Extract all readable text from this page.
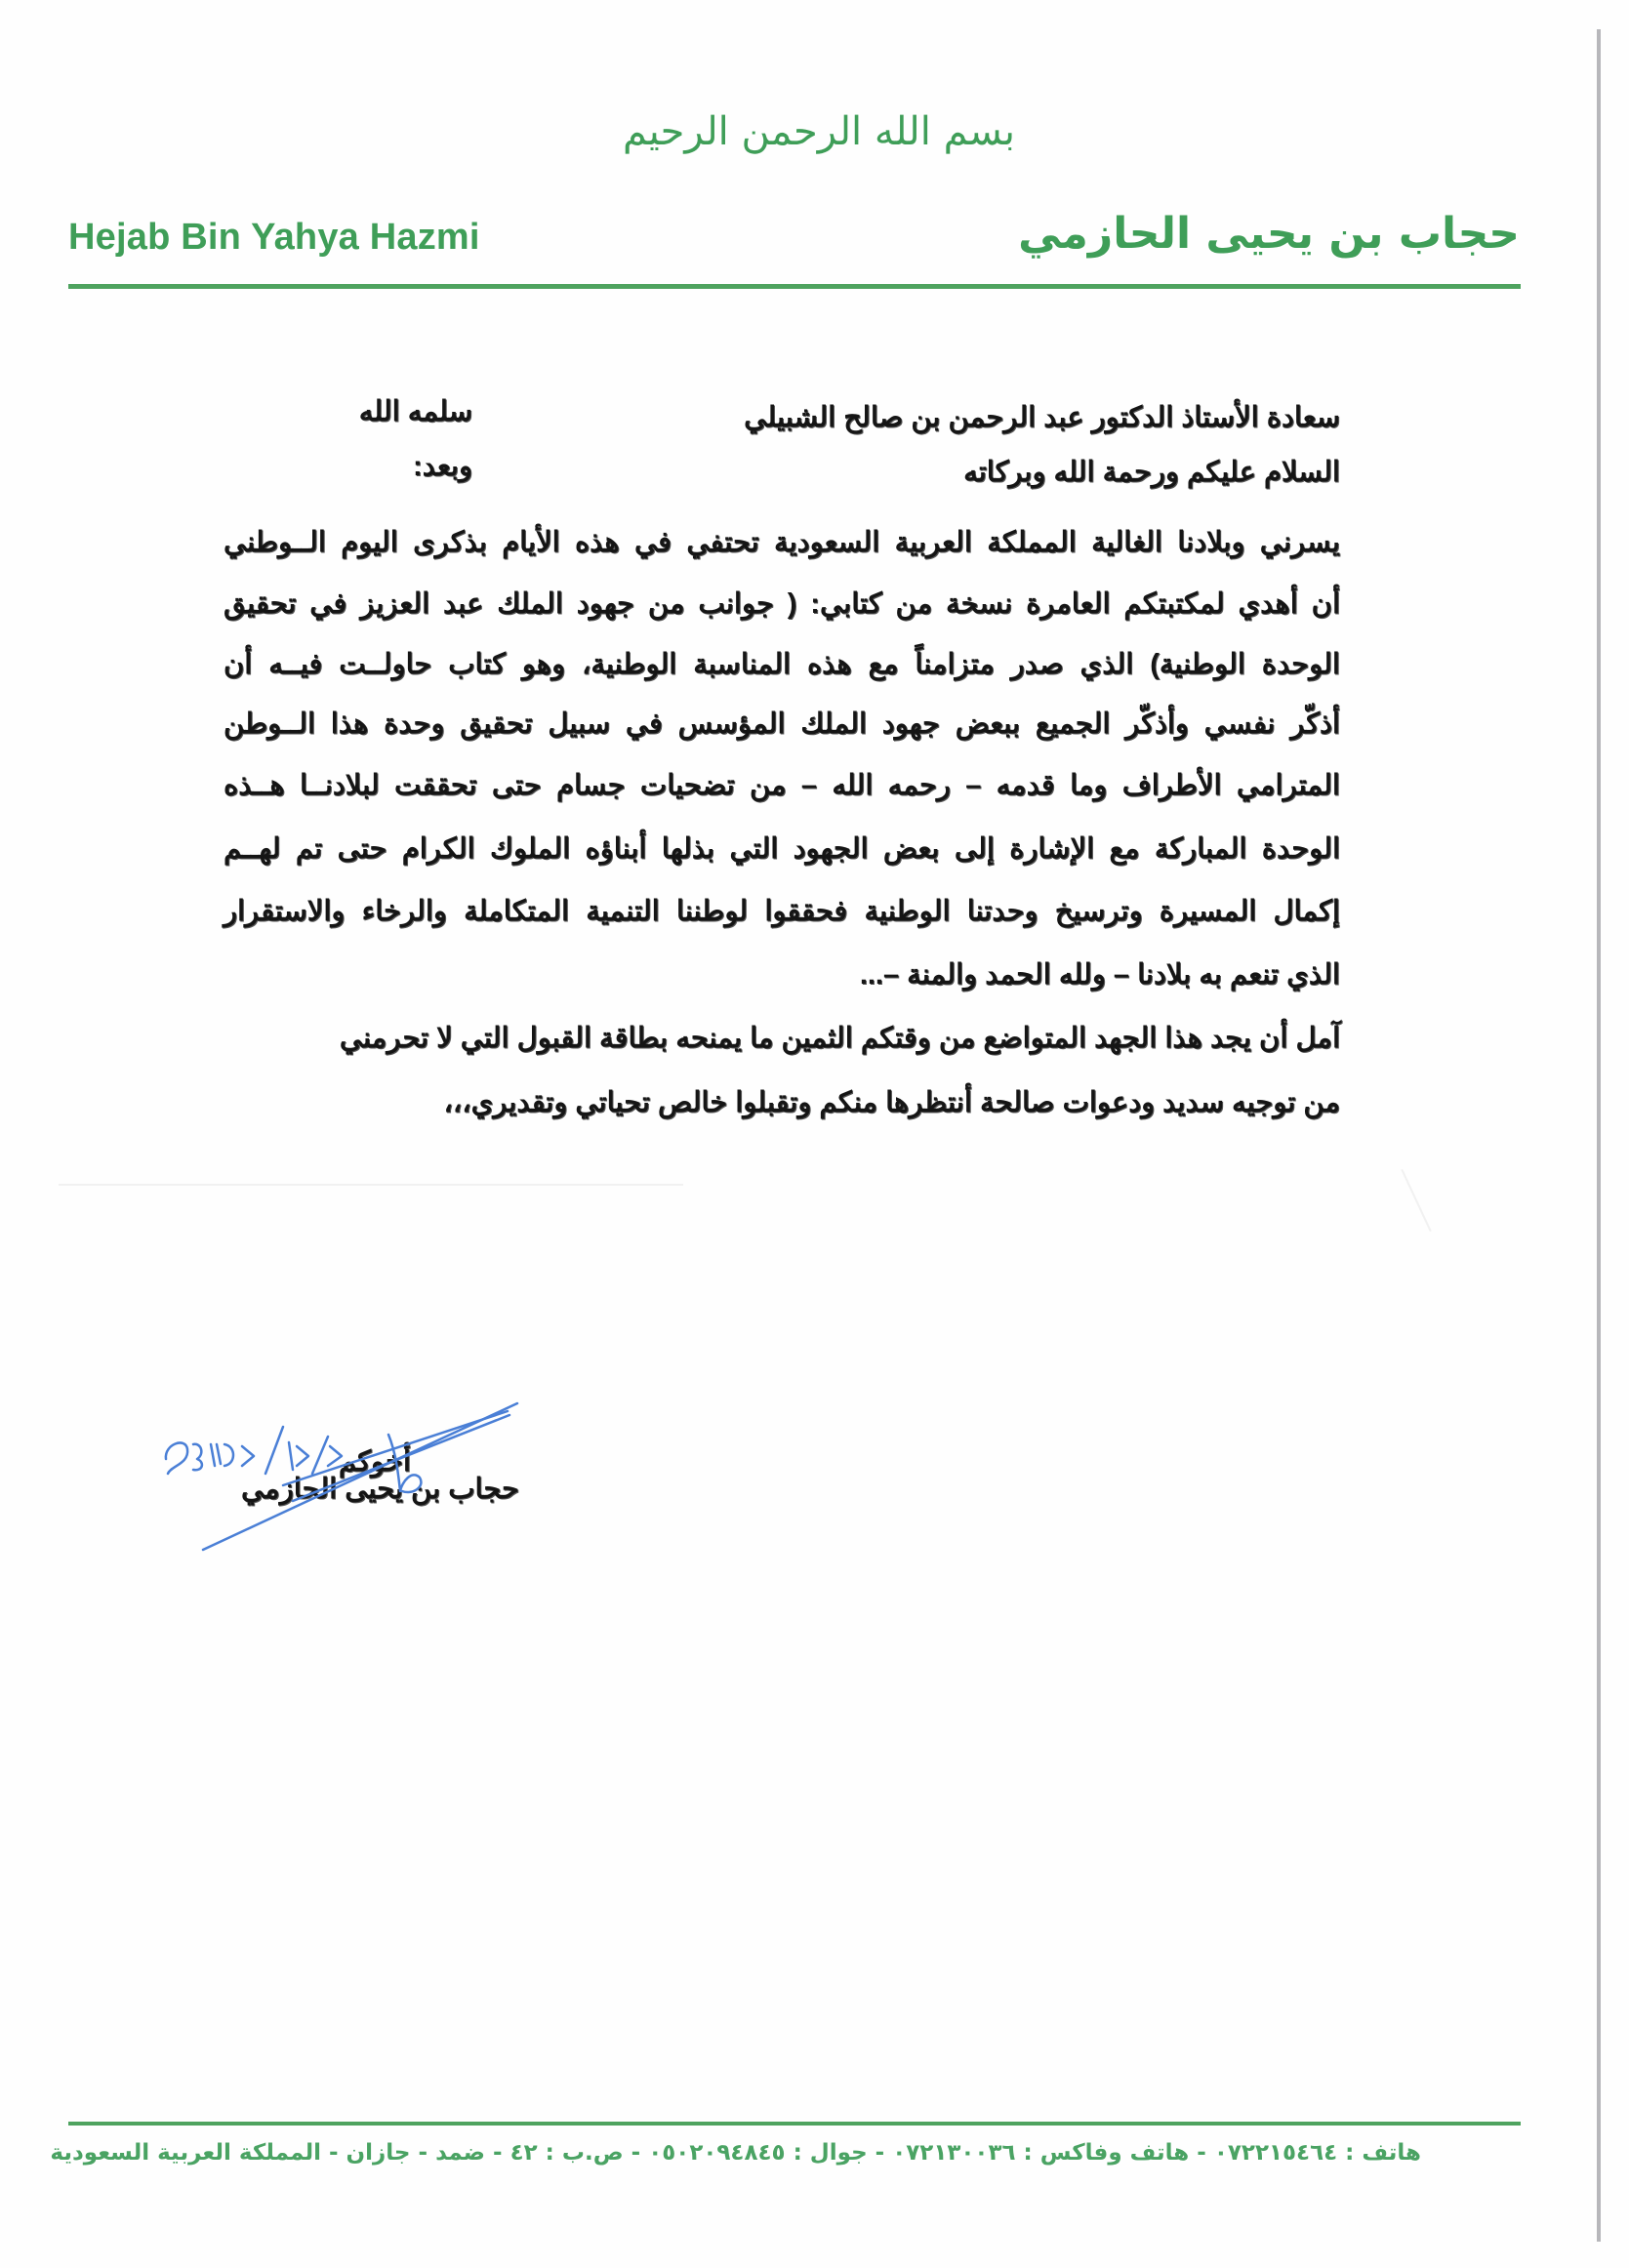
بسم الله الرحمن الرحيم
Hejab Bin Yahya Hazmi	حجاب بن يحيى الحازمي
سعادة الأستاذ الدكتور عبد الرحمن بن صالح الشبيلي
سلمه الله
السلام عليكم ورحمة الله وبركاته
وبعد:
يسرني وبلادنا الغالية المملكة العربية السعودية تحتفي في هذه الأيام بذكرى اليوم الــوطني
أن أهدي لمكتبتكم العامرة نسخة من كتابي: ( جوانب من جهود الملك عبد العزيز في تحقيق
الوحدة الوطنية) الذي صدر متزامناً مع هذه المناسبة الوطنية، وهو كتاب حاولــت فيــه أن
أذكّر نفسي وأذكّر الجميع ببعض جهود الملك المؤسس في سبيل تحقيق وحدة هذا الــوطن
المترامي الأطراف وما قدمه – رحمه الله – من تضحيات جسام حتى تحققت لبلادنــا هــذه
الوحدة المباركة مع الإشارة إلى بعض الجهود التي بذلها أبناؤه الملوك الكرام حتى تم لهــم
إكمال المسيرة وترسيخ وحدتنا الوطنية فحققوا لوطننا التنمية المتكاملة والرخاء والاستقرار
الذي تنعم به بلادنا – ولله الحمد والمنة –...
آمل أن يجد هذا الجهد المتواضع من وقتكم الثمين ما يمنحه بطاقة القبول التي لا تحرمني
من توجيه سديد ودعوات صالحة أنتظرها منكم وتقبلوا خالص تحياتي وتقديري،،،
أخوكم
حجاب بن يحيى الحازمي
هاتف : ٠٧٢٢١٥٤٦٤ - هاتف وفاكس : ٠٧٢١٣٠٠٣٦ - جوال : ٠٥٠٢٠٩٤٨٤٥ - ص.ب : ٤٢ - ضمد - جازان - المملكة العربية السعودية
